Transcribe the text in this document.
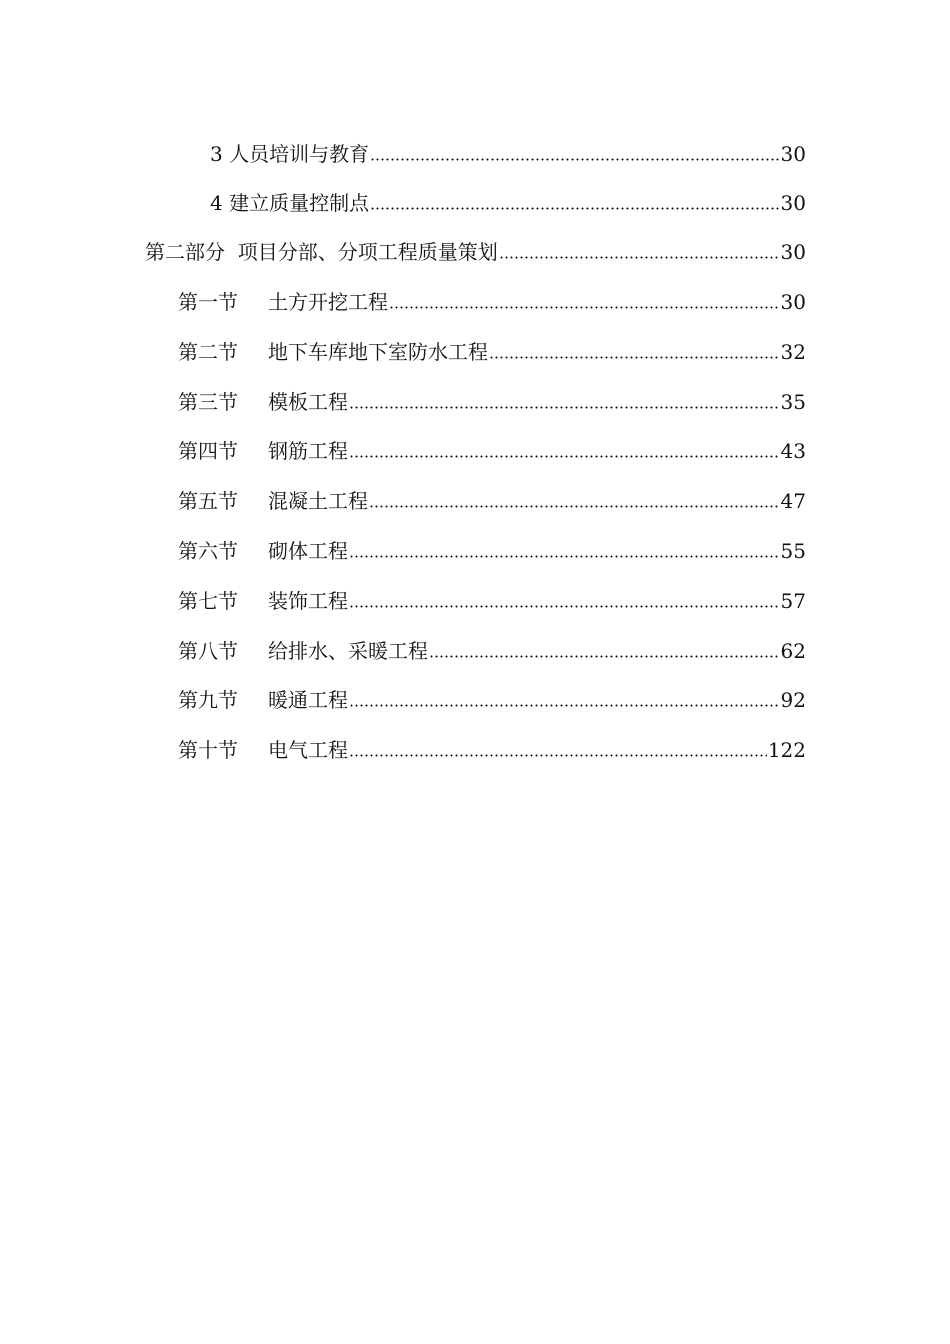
3 人员培训与教育	30
4 建立质量控制点	30
第二部分  项目分部、分项工程质量策划	30
第一节 土方开挖工程	30
第二节 地下车库地下室防水工程	32
第三节 模板工程	35
第四节 钢筋工程	43
第五节 混凝土工程	47
第六节 砌体工程	55
第七节 装饰工程	57
第八节 给排水、采暖工程	62
第九节 暖通工程	92
第十节 电气工程	122
